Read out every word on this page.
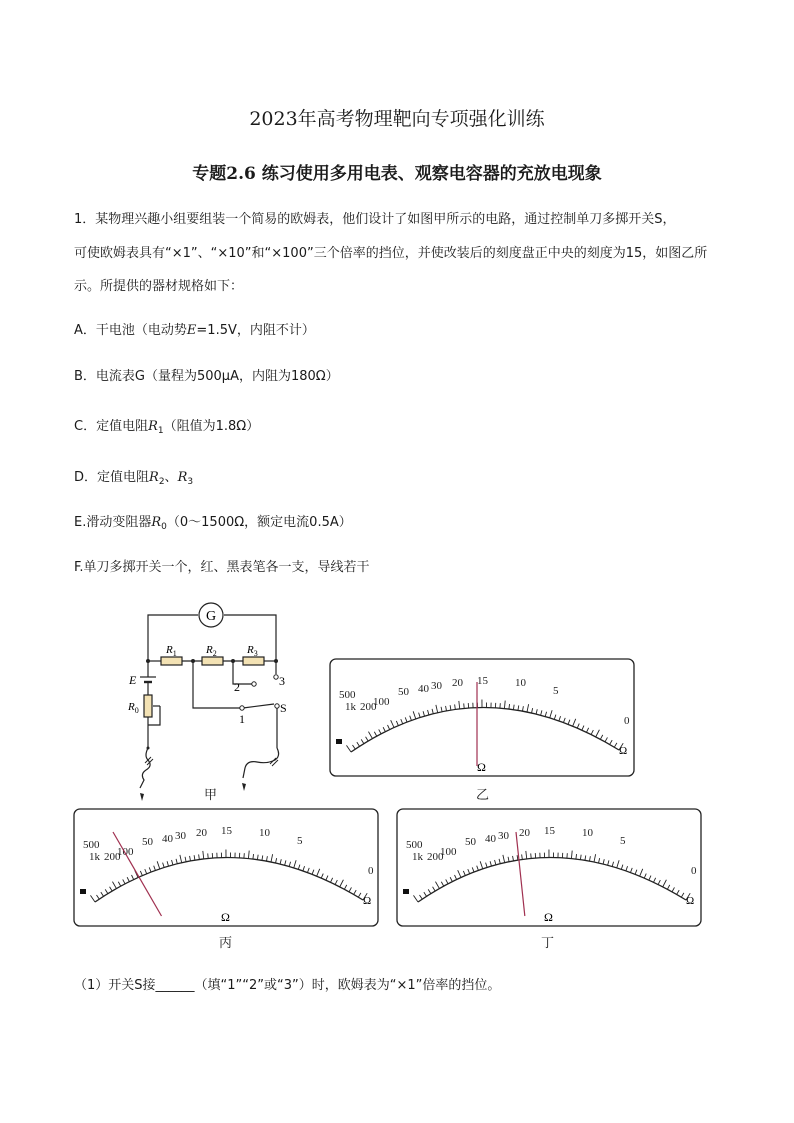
2023年高考物理靶向专项强化训练
专题2.6 练习使用多用电表、观察电容器的充放电现象
1．某物理兴趣小组要组装一个简易的欧姆表，他们设计了如图甲所示的电路，通过控制单刀多掷开关S，
可使欧姆表具有“×1”、“×10”和“×100”三个倍率的挡位，并使改装后的刻度盘正中央的刻度为15，如图乙所
示。所提供的器材规格如下：
A．干电池（电动势E=1.5V，内阻不计）
B．电流表G（量程为500μA，内阻为180Ω）
C．定值电阻$R_1$（阻值为1.8Ω）
D．定值电阻$R_2$、$R_3$
E.滑动变阻器$R_0(0\sim 1500\Omega$，额定电流0.5A）
F.单刀多掷开关一个，红、黑表笔各一支，导线若干
G
$R_1$	$R_2$	$R_3$
E
$R_0$
2	3
1
S
甲
1k
500
200
100
50 40 30 20 15 10
5
0
Ω
Ω
乙
1k
500
200
100
50 40 30 20 15 10
5
0
Ω
Ω
丙
1k
500
200
100
50 40 30 20 15 10
5
0
Ω
Ω
丁
（1）开关S接______（填“1”“2”或“3”）时，欧姆表为“×1”倍率的挡位。
